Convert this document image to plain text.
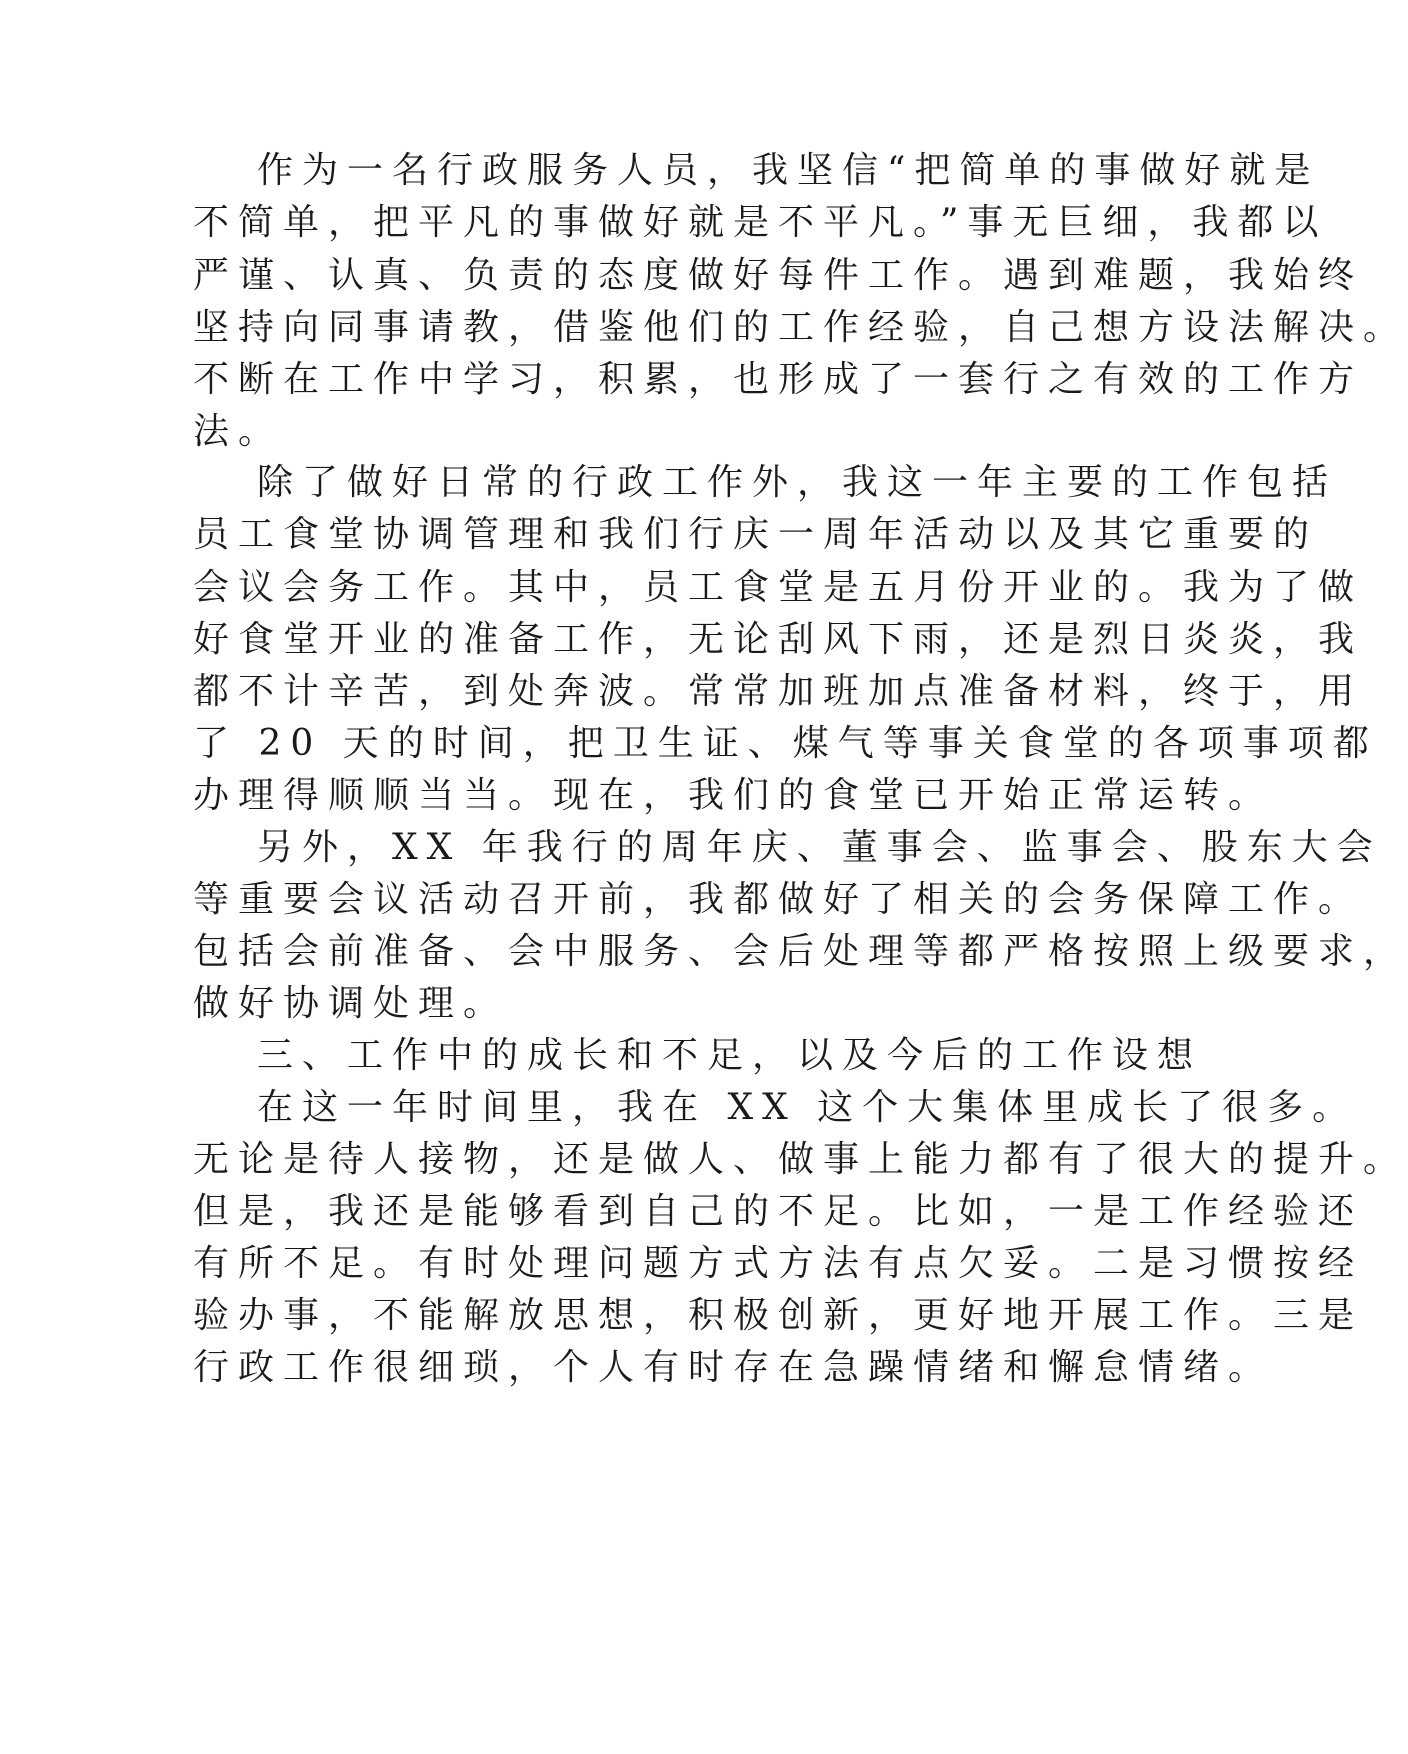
作为一名行政服务人员，我坚信“把简单的事做好就是
不简单，把平凡的事做好就是不平凡。”事无巨细，我都以
严谨、认真、负责的态度做好每件工作。遇到难题，我始终
坚持向同事请教，借鉴他们的工作经验，自己想方设法解决。
不断在工作中学习，积累，也形成了一套行之有效的工作方
法。
除了做好日常的行政工作外，我这一年主要的工作包括
员工食堂协调管理和我们行庆一周年活动以及其它重要的
会议会务工作。其中，员工食堂是五月份开业的。我为了做
好食堂开业的准备工作，无论刮风下雨，还是烈日炎炎，我
都不计辛苦，到处奔波。常常加班加点准备材料，终于，用
了 20 天的时间，把卫生证、煤气等事关食堂的各项事项都
办理得顺顺当当。现在，我们的食堂已开始正常运转。
另外，XX 年我行的周年庆、董事会、监事会、股东大会
等重要会议活动召开前，我都做好了相关的会务保障工作。
包括会前准备、会中服务、会后处理等都严格按照上级要求，
做好协调处理。
三、工作中的成长和不足，以及今后的工作设想
在这一年时间里，我在 XX 这个大集体里成长了很多。
无论是待人接物，还是做人、做事上能力都有了很大的提升。
但是，我还是能够看到自己的不足。比如，一是工作经验还
有所不足。有时处理问题方式方法有点欠妥。二是习惯按经
验办事，不能解放思想，积极创新，更好地开展工作。三是
行政工作很细琐，个人有时存在急躁情绪和懈怠情绪。
